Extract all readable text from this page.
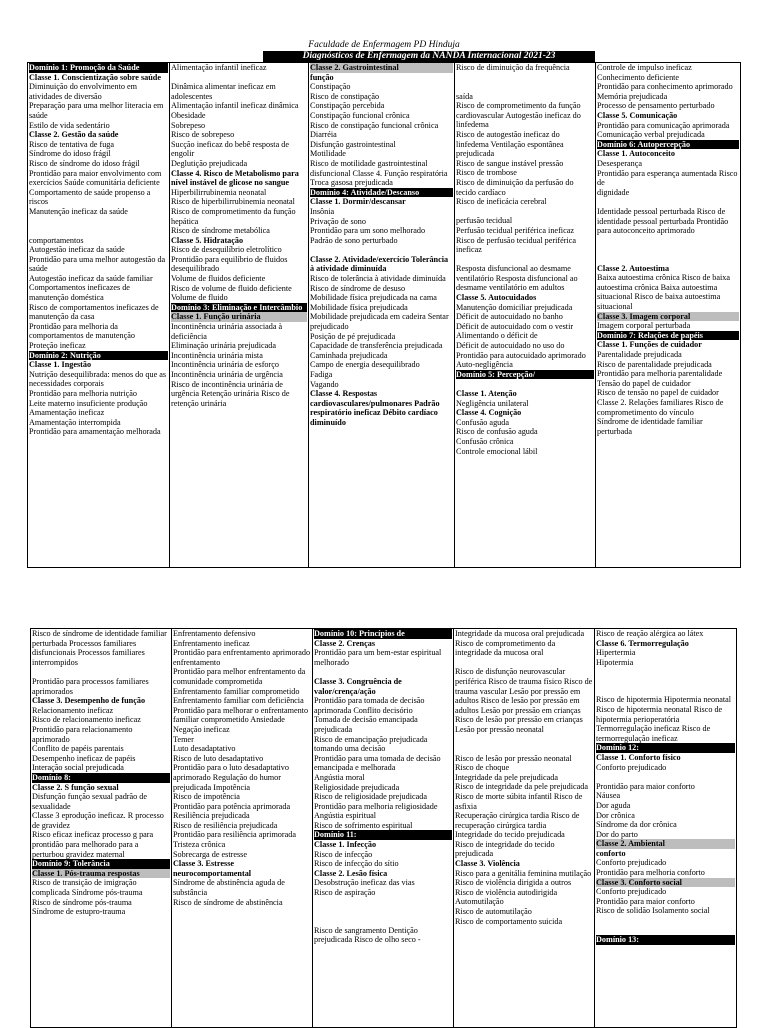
Faculdade de Enfermagem PD Hinduja
Diagnósticos de Enfermagem da NANDA Internacional 2021-23
Domínio 1: Promoção da Saúde
Classe 1. Conscientização sobre saúde
Diminuição do envolvimento em atividades de diversão
Preparação para uma melhor literacia em saúde
Estilo de vida sedentário
Classe 2. Gestão da saúde
Risco de tentativa de fuga
Síndrome do idoso frágil
Risco de síndrome do idoso frágil
Prontidão para maior envolvimento com exercícios Saúde comunitária deficiente Comportamento de saúde propenso a riscos
Manutenção ineficaz da saúde
comportamentos
Autogestão ineficaz da saúde
Prontidão para uma melhor autogestão da saúde
Autogestão ineficaz da saúde familiar
Comportamentos ineficazes de manutenção doméstica
Risco de comportamentos ineficazes de manutenção da casa
Prontidão para melhoria da comportamentos de manutenção
Proteção ineficaz
Domínio 2: Nutrição
Classe 1. Ingestão
Nutrição desequilibrada: menos do que as necessidades corporais
Prontidão para melhoria nutrição
Leite materno insuficiente produção
Amamentação ineficaz
Amamentação interrompida
Prontidão para amamentação melhorada

Alimentação infantil ineficaz
Dinâmica alimentar ineficaz em adolescentes
Alimentação infantil ineficaz dinâmica
Obesidade
Sobrepeso
Risco de sobrepeso
Sucção ineficaz do bebê resposta de engolir
Deglutição prejudicada
Classe 4. Risco de Metabolismo para nível instável de glicose no sangue
Hiperbilirrubinemia neonatal
Risco de hiperbilirrubinemia neonatal Risco de comprometimento da função hepática
Risco de síndrome metabólica
Classe 5. Hidratação
Risco de desequilíbrio eletrolítico
Prontidão para equilíbrio de fluidos desequilibrado
Volume de fluidos deficiente
Risco de volume de fluido deficiente Volume de fluido
Domínio 3: Eliminação e Intercâmbio
Classe 1. Função urinária
Incontinência urinária associada à deficiência
Eliminação urinária prejudicada
Incontinência urinária mista
Incontinência urinária de esforço
Incontinência urinária de urgência
Risco de incontinência urinária de urgência Retenção urinária Risco de retenção urinária

Classe 2. Gastrointestinal
função
Constipação
Risco de constipação
Constipação percebida
Constipação funcional crônica
Risco de constipação funcional crônica
Diarréia
Disfunção gastrointestinal
Motilidade
Risco de motilidade gastrointestinal disfuncional Classe 4. Função respiratória Troca gasosa prejudicada
Domínio 4: Atividade/Descanso
Classe 1. Dormir/descansar
Insônia
Privação de sono
Prontidão para um sono melhorado
Padrão de sono perturbado
Classe 2. Atividade/exercício Tolerância à atividade diminuída
Risco de tolerância à atividade diminuída
Risco de síndrome de desuso
Mobilidade física prejudicada na cama
Mobilidade física prejudicada
Mobilidade prejudicada em cadeira Sentar prejudicado
Posição de pé prejudicada
Capacidade de transferência prejudicada
Caminhada prejudicada
Campo de energia desequilibrado
Fadiga
Vagando
Classe 4. Respostas cardiovasculares/pulmonares Padrão respiratório ineficaz Débito cardíaco diminuído

Risco de diminuição da frequência
saída
Risco de comprometimento da função cardiovascular Autogestão ineficaz do linfedema
Risco de autogestão ineficaz do linfedema Ventilação espontânea prejudicada
Risco de sangue instável pressão
Risco de trombose
Risco de diminuição da perfusão do tecido cardíaco
Risco de ineficácia cerebral
perfusão tecidual
Perfusão tecidual periférica ineficaz
Risco de perfusão tecidual periférica ineficaz
Resposta disfuncional ao desmame ventilatório Resposta disfuncional ao desmame ventilatório em adultos
Classe 5. Autocuidados
Manutenção domiciliar prejudicada
Déficit de autocuidado no banho
Déficit de autocuidado com o vestir
Alimentando o déficit de
Déficit de autocuidado no uso do
Prontidão para autocuidado aprimorado
Auto-negligência
Domínio 5: Percepção/
Classe 1. Atenção
Negligência unilateral
Classe 4. Cognição
Confusão aguda
Risco de confusão aguda
Confusão crônica
Controle emocional lábil

Controle de impulso ineficaz
Conhecimento deficiente
Prontidão para conhecimento aprimorado
Memória prejudicada
Processo de pensamento perturbado
Classe 5. Comunicação
Prontidão para comunicação aprimorada
Comunicação verbal prejudicada
Domínio 6: Autopercepção
Classe 1. Autoconceito
Desesperança
Prontidão para esperança aumentada Risco de
dignidade
Identidade pessoal perturbada Risco de identidade pessoal perturbada Prontidão para autoconceito aprimorado
Classe 2. Autoestima
Baixa autoestima crônica Risco de baixa autoestima crônica Baixa autoestima situacional Risco de baixa autoestima situacional
Classe 3. Imagem corporal
Imagem corporal perturbada
Domínio 7: Relações de papéis
Classe 1. Funções de cuidador
Parentalidade prejudicada
Risco de parentalidade prejudicada
Prontidão para melhoria parentalidade
Tensão do papel de cuidador
Risco de tensão no papel de cuidador Classe 2. Relações familiares Risco de comprometimento do vínculo
Síndrome de identidade familiar perturbada
Risco de síndrome de identidade familiar perturbada Processos familiares disfuncionais Processos familiares interrompidos
Prontidão para processos familiares aprimorados
Classe 3. Desempenho de função
Relacionamento ineficaz
Risco de relacionamento ineficaz
Prontidão para relacionamento aprimorado
Conflito de papéis parentais
Desempenho ineficaz de papéis
Interação social prejudicada
Domínio 8:
Classe 2. S função sexual
Disfunção função sexual padrão de sexualidade
Classe 3 eprodução ineficaz. R processo de gravidez
Risco eficaz ineficaz processo g para prontidão para melhorado para a perturbou gravidez maternal
Domínio 9: Tolerância
Classe 1. Pós-trauma respostas
Risco de transição de imigração complicada Síndrome pós-trauma
Risco de síndrome pós-trauma
Síndrome de estupro-trauma

Enfrentamento defensivo
Enfrentamento ineficaz
Prontidão para enfrentamento aprimorado
enfrentamento
Prontidão para melhor enfrentamento da comunidade comprometida
Enfrentamento familiar comprometido Enfrentamento familiar com deficiência Prontidão para melhorar o enfrentamento familiar comprometido Ansiedade
Negação ineficaz
Temer
Luto desadaptativo
Risco de luto desadaptativo
Prontidão para o luto desadaptativo aprimorado Regulação do humor prejudicada Impotência
Risco de impotência
Prontidão para potência aprimorada
Resiliência prejudicada
Risco de resiliência prejudicada
Prontidão para resiliência aprimorada
Tristeza crônica
Sobrecarga de estresse
Classe 3. Estresse neurocomportamental
Síndrome de abstinência aguda de substância
Risco de síndrome de abstinência

Domínio 10: Princípios de
Classe 2. Crenças
Prontidão para um bem-estar espiritual melhorado
Classe 3. Congruência de valor/crença/ação
Prontidão para tomada de decisão aprimorada Conflito decisório
Tomada de decisão emancipada prejudicada
Risco de emancipação prejudicada tomando uma decisão
Prontidão para uma tomada de decisão emancipada e melhorada
Angústia moral
Religiosidade prejudicada
Risco de religiosidade prejudicada
Prontidão para melhoria religiosidade
Angústia espiritual
Risco de sofrimento espiritual
Domínio 11:
Classe 1. Infecção
Risco de infecção
Risco de infecção do sítio
Classe 2. Lesão física
Desobstrução ineficaz das vias
Risco de aspiração
Risco de sangramento Dentição prejudicada Risco de olho seco -

Integridade da mucosa oral prejudicada
Risco de comprometimento da integridade da mucosa oral
Risco de disfunção neurovascular periférica Risco de trauma físico Risco de trauma vascular Lesão por pressão em adultos Risco de lesão por pressão em adultos Lesão por pressão em crianças
Risco de lesão por pressão em crianças Lesão por pressão neonatal
Risco de lesão por pressão neonatal
Risco de choque
Integridade da pele prejudicada
Risco de integridade da pele prejudicada Risco de morte súbita infantil Risco de asfixia
Recuperação cirúrgica tardia Risco de recuperação cirúrgica tardia
Integridade do tecido prejudicada
Risco de integridade do tecido prejudicada
Classe 3. Violência
Risco para a genitália feminina mutilação
Risco de violência dirigida a outros
Risco de violência autodirigida
Automutilação
Risco de automutilação
Risco de comportamento suicida

Risco de reação alérgica ao látex
Classe 6. Termorregulação
Hipertermia
Hipotermia
Risco de hipotermia Hipotermia neonatal Risco de hipotermia neonatal Risco de hipotermia perioperatória
Termorregulação ineficaz Risco de termorregulação ineficaz
Domínio 12:
Classe 1. Conforto físico
Conforto prejudicado
Prontidão para maior conforto
Náusea
Dor aguda
Dor crônica
Síndrome da dor crônica
Dor do parto
Classe 2. Ambiental
conforto
Conforto prejudicado
Prontidão para melhoria conforto
Classe 3. Conforto social
Conforto prejudicado
Prontidão para maior conforto
Risco de solidão Isolamento social
Domínio 13:
